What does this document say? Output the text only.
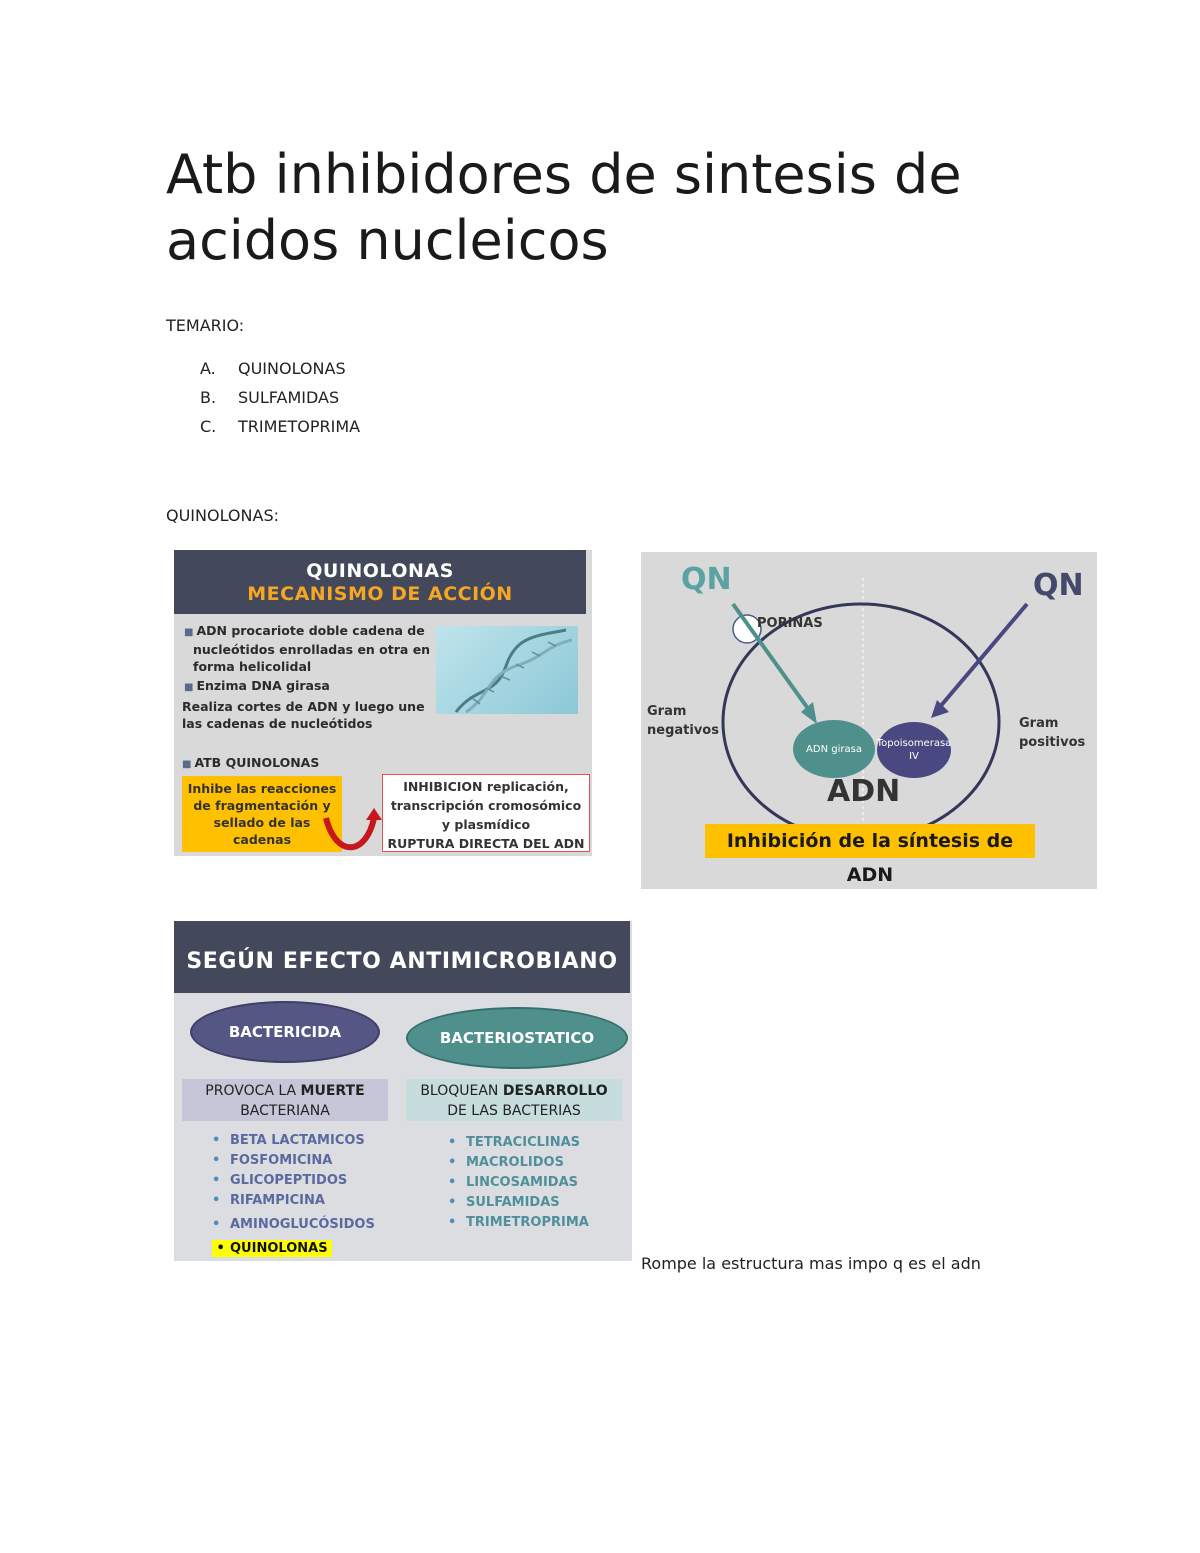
Atb inhibidores de sintesis de acidos nucleicos
TEMARIO:
A.	QUINOLONAS
B.	SULFAMIDAS
C.	TRIMETOPRIMA
QUINOLONAS:
QUINOLONAS
MECANISMO DE ACCIÓN
■ ADN procariote doble cadena de
nucleótidos enrolladas en otra en
forma helicolidal
■ Enzima DNA girasa
Realiza cortes de ADN y luego une
las cadenas de nucleótidos
■ ATB QUINOLONAS
Inhibe las reacciones
de fragmentación y
sellado de las
cadenas
INHIBICION replicación,
transcripción cromosómico
y plasmídico
RUPTURA DIRECTA DEL ADN
QN	QN
PORINAS
Gram
negativos	Gram
positivos
ADN girasa	Topoisomerasa
IV
ADN
Inhibición de la síntesis de ADN
SEGÚN EFECTO ANTIMICROBIANO
BACTERICIDA	BACTERIOSTATICO
PROVOCA LA MUERTE
BACTERIANA
BLOQUEAN DESARROLLO
DE LAS BACTERIAS
• BETA LACTAMICOS
• FOSFOMICINA
• GLICOPEPTIDOS
• RIFAMPICINA
• AMINOGLUCÓSIDOS
• QUINOLONAS
• TETRACICLINAS
• MACROLIDOS
• LINCOSAMIDAS
• SULFAMIDAS
• TRIMETROPRIMA
Rompe la estructura mas impo q es el adn
